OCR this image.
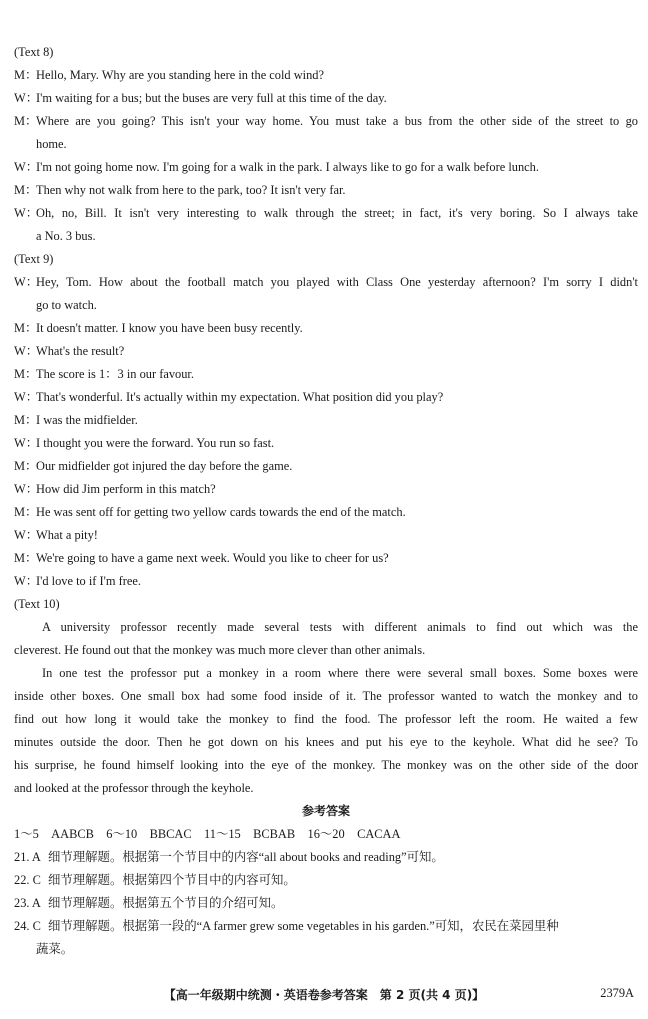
(Text 8)
M：
Hello, Mary. Why are you standing here in the cold wind?
W：
I'm waiting for a bus; but the buses are very full at this time of the day.
M：
Where are you going? This isn't your way home. You must take a bus from the other side of the street to go
home.
W：
I'm not going home now. I'm going for a walk in the park. I always like to go for a walk before lunch.
M：
Then why not walk from here to the park, too? It isn't very far.
W：
Oh, no, Bill. It isn't very interesting to walk through the street; in fact, it's very boring. So I always take
a No. 3 bus.
(Text 9)
W：
Hey, Tom. How about the football match you played with Class One yesterday afternoon? I'm sorry I didn't
go to watch.
M：
It doesn't matter. I know you have been busy recently.
W：
What's the result?
M：
The score is 1：3 in our favour.
W：
That's wonderful. It's actually within my expectation. What position did you play?
M：
I was the midfielder.
W：
I thought you were the forward. You run so fast.
M：
Our midfielder got injured the day before the game.
W：
How did Jim perform in this match?
M：
He was sent off for getting two yellow cards towards the end of the match.
W：
What a pity!
M：
We're going to have a game next week. Would you like to cheer for us?
W：
I'd love to if I'm free.
(Text 10)
A university professor recently made several tests with different animals to find out which was the
cleverest. He found out that the monkey was much more clever than other animals.
In one test the professor put a monkey in a room where there were several small boxes. Some boxes were
inside other boxes. One small box had some food inside of it. The professor wanted to watch the monkey and to
find out how long it would take the monkey to find the food. The professor left the room. He waited a few
minutes outside the door. Then he got down on his knees and put his eye to the keyhole. What did he see? To
his surprise, he found himself looking into the eye of the monkey. The monkey was on the other side of the door
and looked at the professor through the keyhole.
参考答案
1～5　AABCB　6～10　BBCAC　11～15　BCBAB　16～20　CACAA
21. A 细节理解题。根据第一个节目中的内容“all about books and reading”可知。
22. C 细节理解题。根据第四个节目中的内容可知。
23. A 细节理解题。根据第五个节目的介绍可知。
24. C 细节理解题。根据第一段的“A farmer grew some vegetables in his garden.”可知，农民在菜园里种
蔬菜。
【高一年级期中统测・英语卷参考答案　第 2 页(共 4 页)】	2379A
